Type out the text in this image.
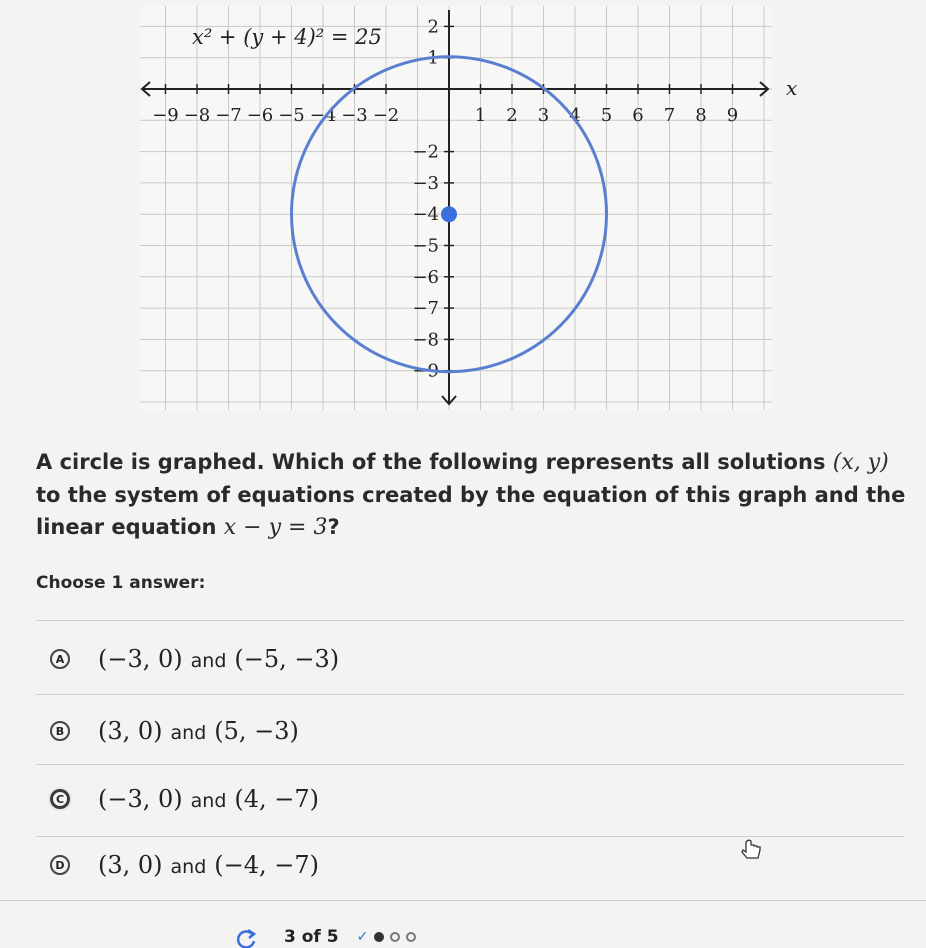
−9 −8 −7 −6 −5 −4 −3 −2	1 2 3 4 5 6 7 8 9
2
1
−2
−3
−4
−5
−6
−7
−8
−9
x
x² + (y + 4)² = 25
A circle is graphed. Which of the following represents all solutions (x, y)
to the system of equations created by the equation of this graph and the
linear equation x − y = 3?
Choose 1 answer:
A (−3, 0) and (−5, −3)
B (3, 0) and (5, −3)
C (−3, 0) and (4, −7)
D (3, 0) and (−4, −7)
3 of 5 ✓
